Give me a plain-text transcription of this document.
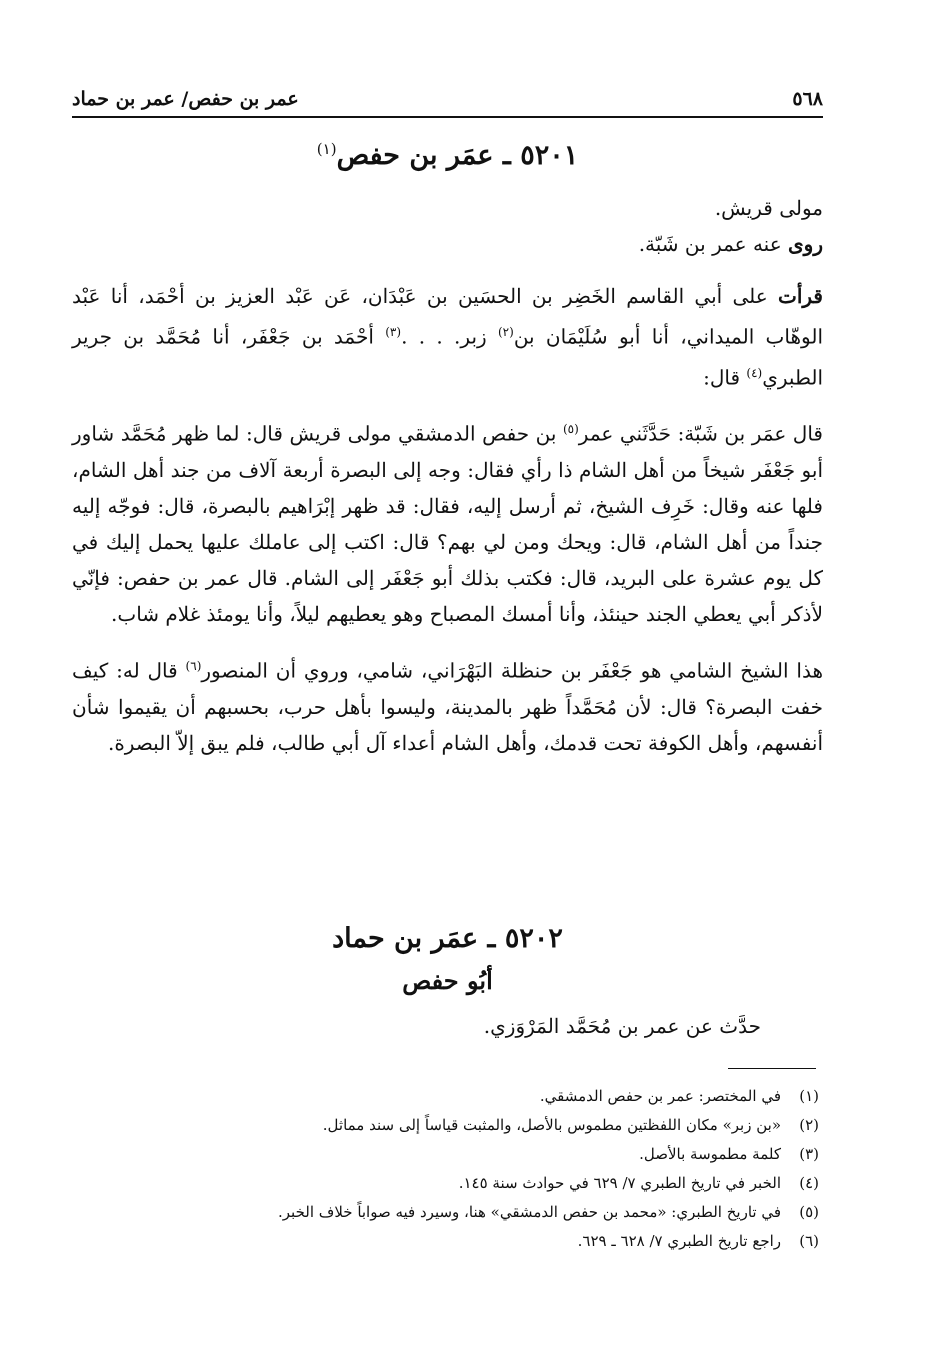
٥٦٨
عمر بن حفص/ عمر بن حماد
٥٢٠١ ـ عمَر بن حفص$^{(١)}$

مولى قريش.

روى عنه عمر بن شَبّة.

قرأت على أبي القاسم الخَضِر بن الحسَين بن عَبْدَان، عَن عَبْد العزيز بن أحْمَد، أنا عَبْد الوهّاب الميداني، أنا أبو سُلَيْمَان بن$^{(٢)}$ زبر. . . .$^{(٣)}$ أحْمَد بن جَعْفَر، أنا مُحَمَّد بن جرير الطبري$^{(٤)}$ قال:

قال عمَر بن شَبّة: حَدَّثَني عمر$^{(٥)}$ بن حفص الدمشقي مولى قريش قال: لما ظهر مُحَمَّد شاور أبو جَعْفَر شيخاً من أهل الشام ذا رأي فقال: وجه إلى البصرة أربعة آلاف من جند أهل الشام، فلها عنه وقال: خَرِف الشيخ، ثم أرسل إليه، فقال: قد ظهر إبْرَاهيم بالبصرة، قال: فوجّه إليه جنداً من أهل الشام، قال: ويحك ومن لي بهم؟ قال: اكتب إلى عاملك عليها يحمل إليك في كل يوم عشرة على البريد، قال: فكتب بذلك أبو جَعْفَر إلى الشام. قال عمر بن حفص: فإنّي لأذكر أبي يعطي الجند حينئذ، وأنا أمسك المصباح وهو يعطيهم ليلاً، وأنا يومئذ غلام شاب.

هذا الشيخ الشامي هو جَعْفَر بن حنظلة البَهْرَاني، شامي، وروي أن المنصور$^{(٦)}$ قال له: كيف خفت البصرة؟ قال: لأن مُحَمَّداً ظهر بالمدينة، وليسوا بأهل حرب، بحسبهم أن يقيموا شأن أنفسهم، وأهل الكوفة تحت قدمك، وأهل الشام أعداء آل أبي طالب، فلم يبق إلاّ البصرة.

٥٢٠٢ ـ عمَر بن حماد
أبُو حفص

حدَّث عن عمر بن مُحَمَّد المَرْوَزي.

(١)
في المختصر: عمر بن حفص الدمشقي.
(٢)
«بن زبر» مكان اللفظتين مطموس بالأصل، والمثبت قياساً إلى سند مماثل.
(٣)
كلمة مطموسة بالأصل.
(٤)
الخبر في تاريخ الطبري ٧/ ٦٢٩ في حوادث سنة ١٤٥.
(٥)
في تاريخ الطبري: «محمد بن حفص الدمشقي» هنا، وسيرد فيه صواباً خلاف الخبر.
(٦)
راجع تاريخ الطبري ٧/ ٦٢٨ ـ ٦٢٩.
